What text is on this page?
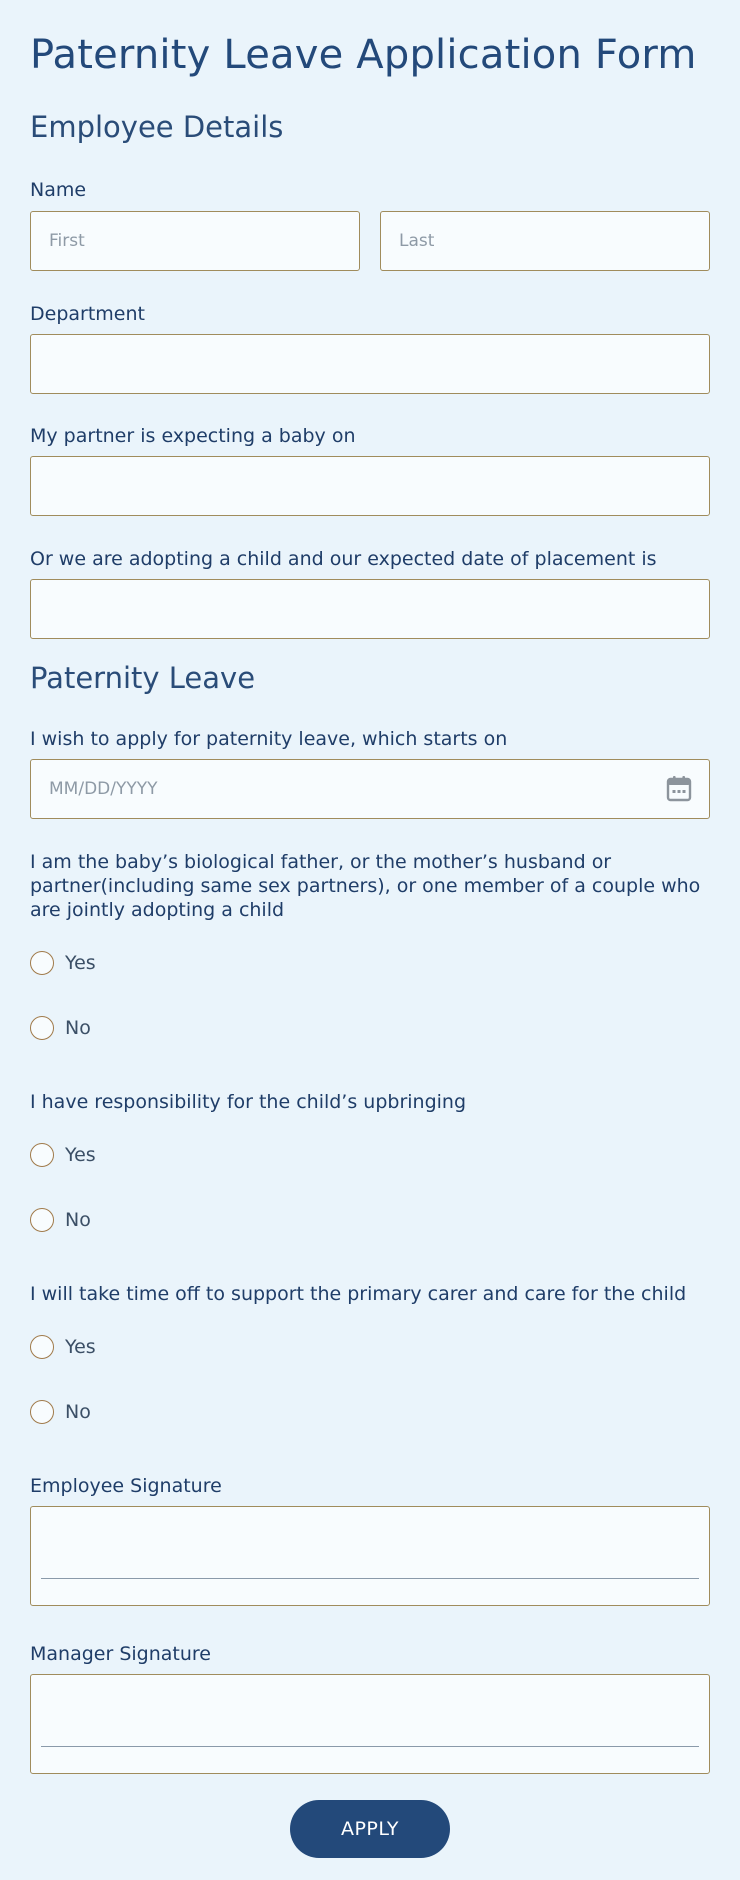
Paternity Leave Application Form
Employee Details
Name
First
Last
Department
My partner is expecting a baby on
Or we are adopting a child and our expected date of placement is
Paternity Leave
I wish to apply for paternity leave, which starts on
MM/DD/YYYY
I am the baby’s biological father, or the mother’s husband or partner(including same sex partners), or one member of a couple who are jointly adopting a child
Yes
No
I have responsibility for the child’s upbringing
Yes
No
I will take time off to support the primary carer and care for the child
Yes
No
Employee Signature
Manager Signature
APPLY
